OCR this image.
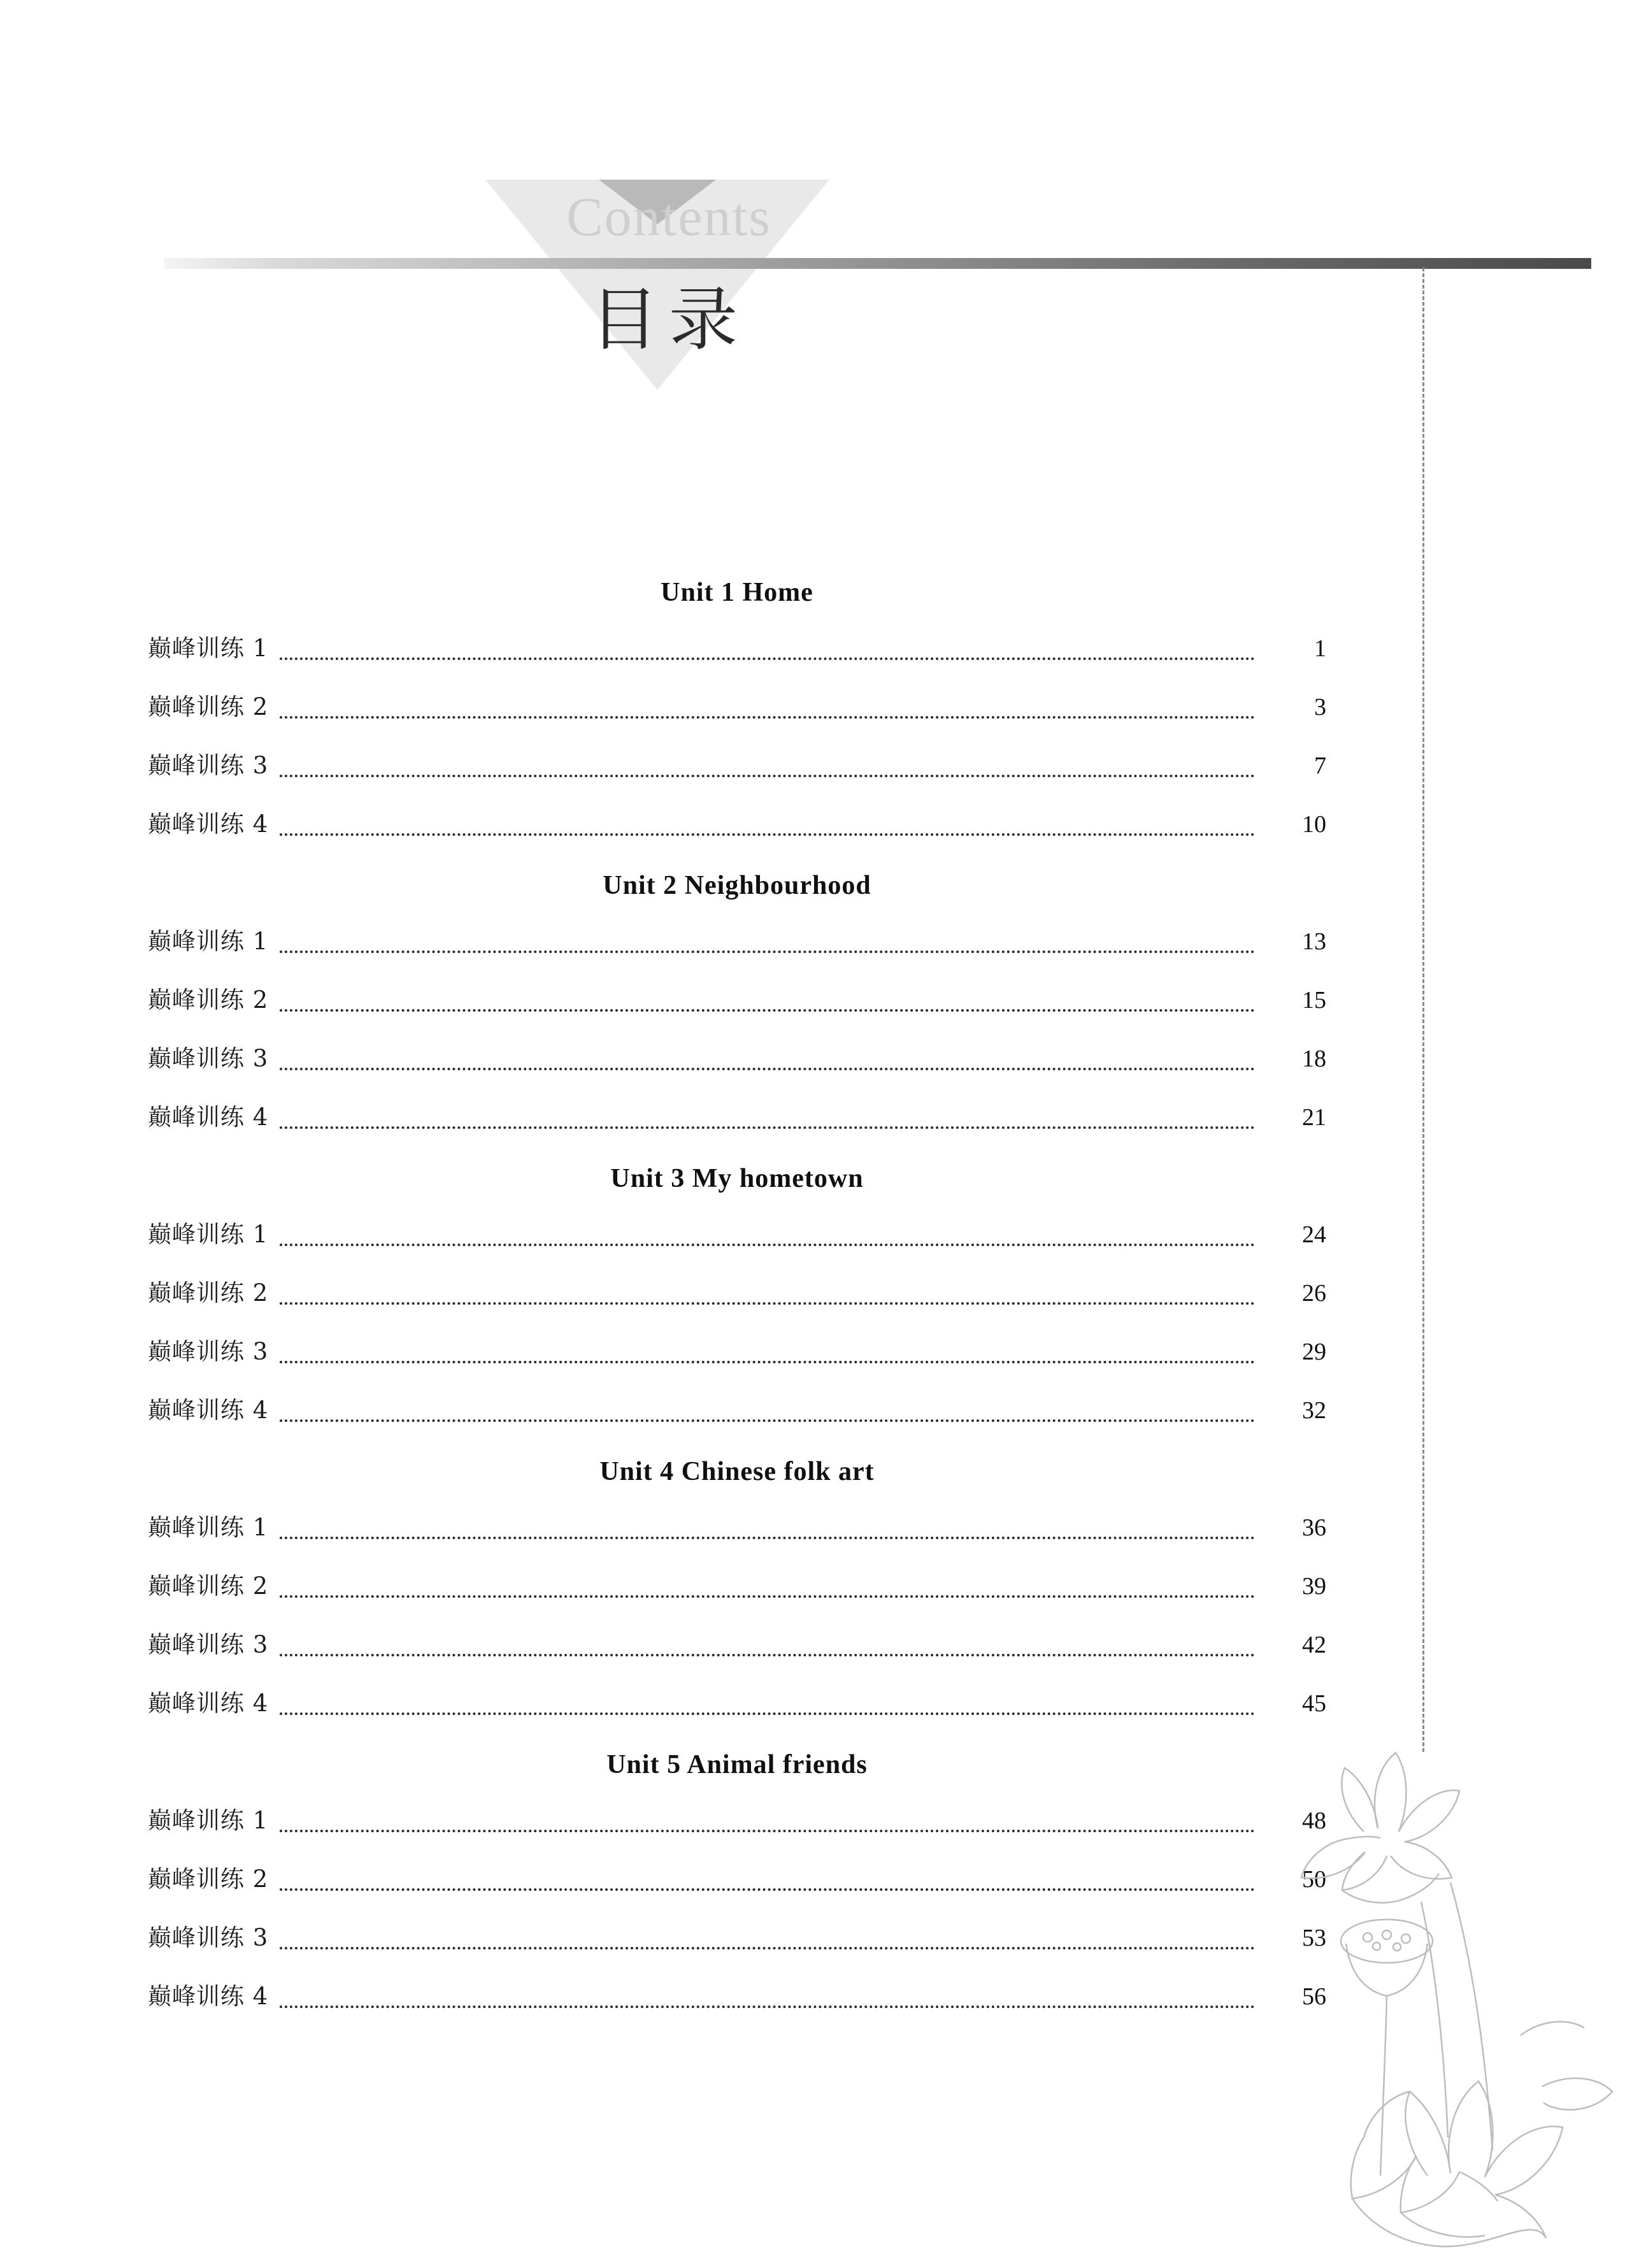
Contents
目录
Unit 1 Home
巅峰训练 1	1
巅峰训练 2	3
巅峰训练 3	7
巅峰训练 4	10
Unit 2 Neighbourhood
巅峰训练 1	13
巅峰训练 2	15
巅峰训练 3	18
巅峰训练 4	21
Unit 3 My hometown
巅峰训练 1	24
巅峰训练 2	26
巅峰训练 3	29
巅峰训练 4	32
Unit 4 Chinese folk art
巅峰训练 1	36
巅峰训练 2	39
巅峰训练 3	42
巅峰训练 4	45
Unit 5 Animal friends
巅峰训练 1	48
巅峰训练 2	50
巅峰训练 3	53
巅峰训练 4	56
